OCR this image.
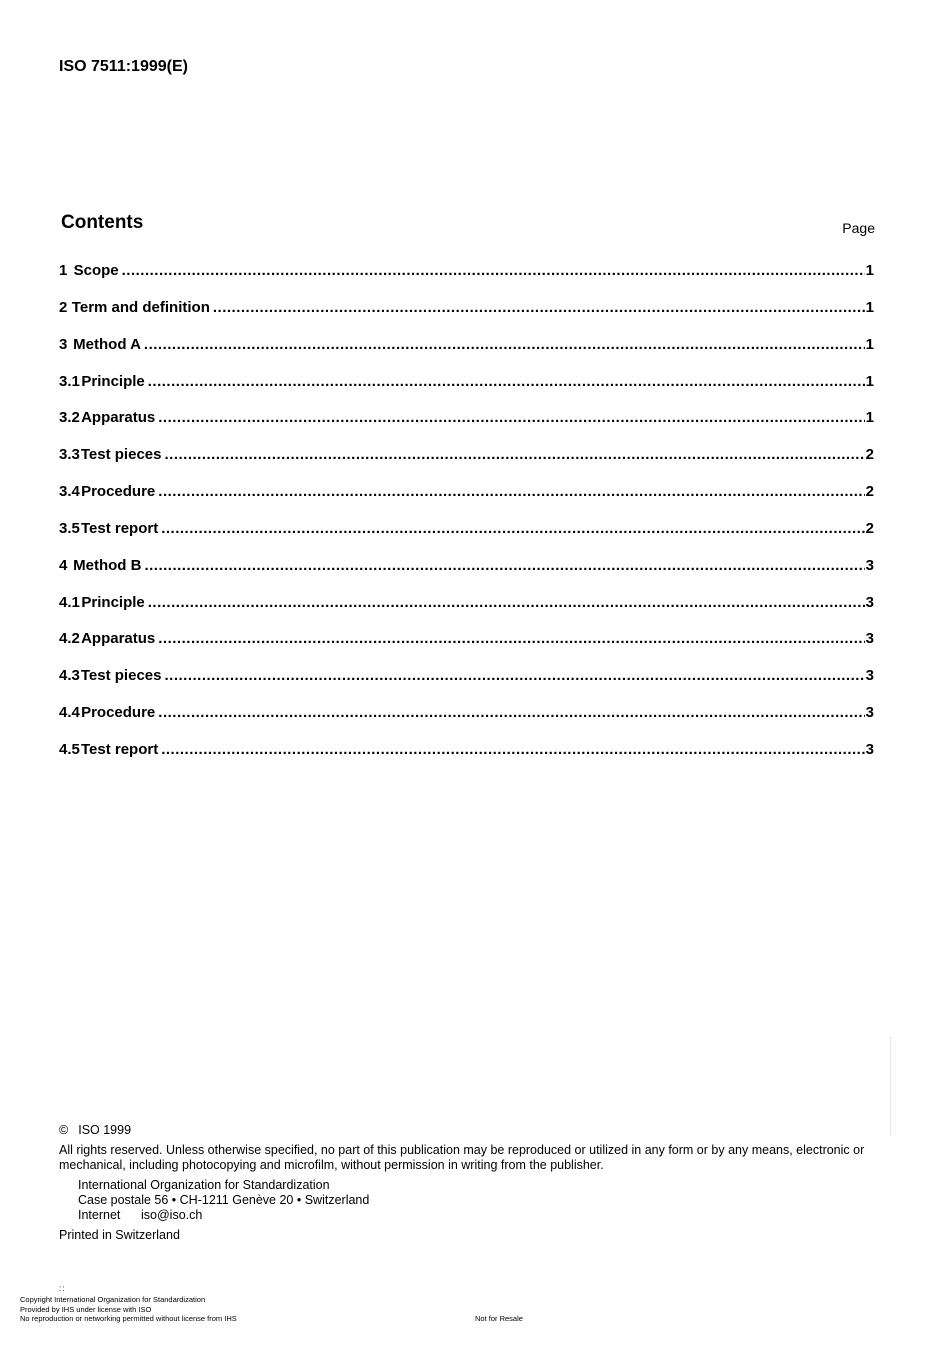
ISO 7511:1999(E)
Contents	Page
1 Scope .....	1
2 Term and definition .....	1
3 Method A .....	1
3.1 Principle .....	1
3.2 Apparatus .....	1
3.3 Test pieces .....	2
3.4 Procedure .....	2
3.5 Test report .....	2
4 Method B .....	3
4.1 Principle .....	3
4.2 Apparatus .....	3
4.3 Test pieces .....	3
4.4 Procedure .....	3
4.5 Test report .....	3
© ISO 1999
All rights reserved. Unless otherwise specified, no part of this publication may be reproduced or utilized in any form or by any means, electronic or mechanical, including photocopying and microfilm, without permission in writing from the publisher.
International Organization for Standardization
Case postale 56 • CH-1211 Genève 20 • Switzerland
Internet iso@iso.ch
Printed in Switzerland
::
Copyright International Organization for Standardization
Provided by IHS under license with ISO
No reproduction or networking permitted without license from IHS	Not for Resale
